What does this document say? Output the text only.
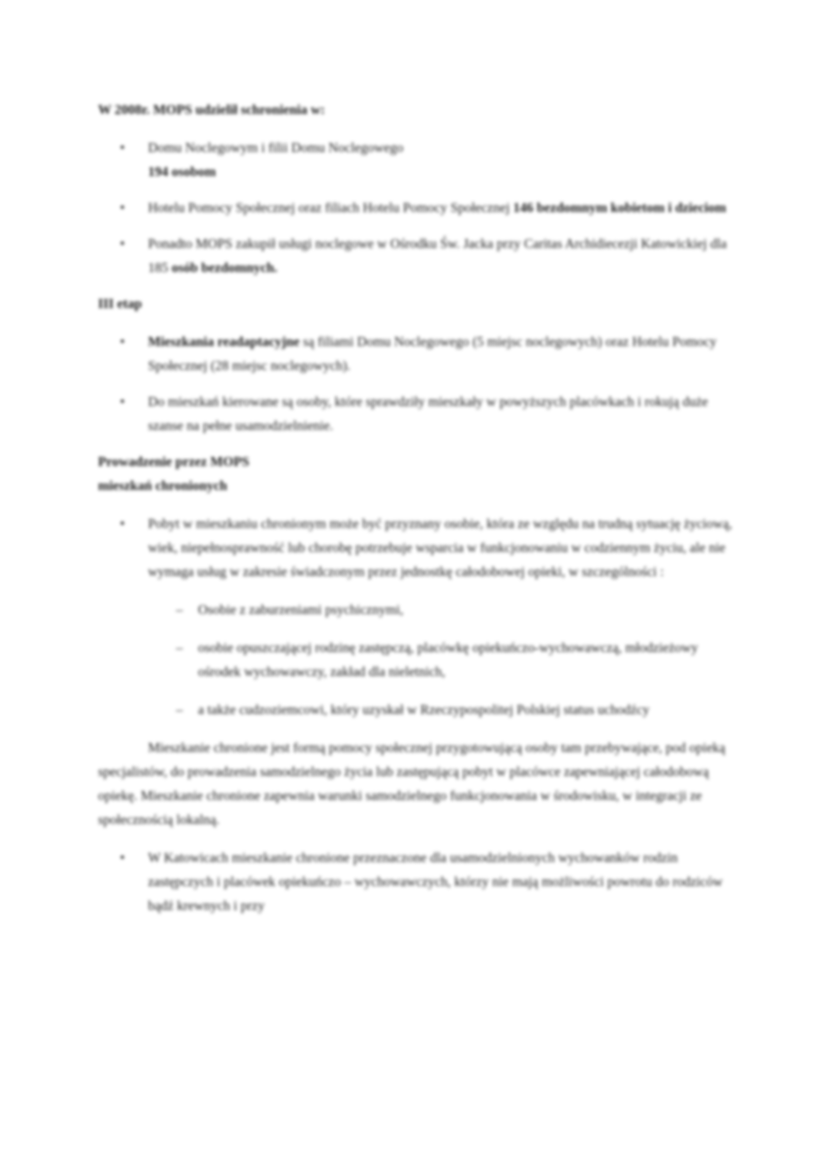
W 2008r. MOPS udzielił schronienia w:

• Domu Noclegowym i filii Domu Noclegowego
194 osobom
• Hotelu Pomocy Społecznej oraz filiach Hotelu Pomocy Społecznej 146 bezdomnym kobietom i dzieciom
• Ponadto MOPS zakupił usługi noclegowe w Ośrodku Św. Jacka przy Caritas Archidiecezji Katowickiej dla 185 osób bezdomnych.

III etap

• Mieszkania readaptacyjne są filiami Domu Noclegowego (5 miejsc noclegowych) oraz Hotelu Pomocy Społecznej (28 miejsc noclegowych).
• Do mieszkań kierowane są osoby, które sprawdziły mieszkały w powyższych placówkach i rokują duże szanse na pełne usamodzielnienie.

Prowadzenie przez MOPS
mieszkań chronionych

• Pobyt w mieszkaniu chronionym może być przyznany osobie, która ze względu na trudną sytuację życiową, wiek, niepełnosprawność lub chorobę potrzebuje wsparcia w funkcjonowaniu w codziennym życiu, ale nie wymaga usług w zakresie świadczonym przez jednostkę całodobowej opieki, w szczególności :
– Osobie z zaburzeniami psychicznymi,
– osobie opuszczającej rodzinę zastępczą, placówkę opiekuńczo-wychowawczą, młodzieżowy ośrodek wychowawczy, zakład dla nieletnich,
– a także cudzoziemcowi, który uzyskał w Rzeczypospolitej Polskiej status uchodźcy

Mieszkanie chronione jest formą pomocy społecznej przygotowującą osoby tam przebywające, pod opieką specjalistów, do prowadzenia samodzielnego życia lub zastępującą pobyt w placówce zapewniającej całodobową opiekę. Mieszkanie chronione zapewnia warunki samodzielnego funkcjonowania w środowisku, w integracji ze społecznością lokalną.

• W Katowicach mieszkanie chronione przeznaczone dla usamodzielnionych wychowanków rodzin zastępczych i placówek opiekuńczo – wychowawczych, którzy nie mają możliwości powrotu do rodziców bądź krewnych i przy
